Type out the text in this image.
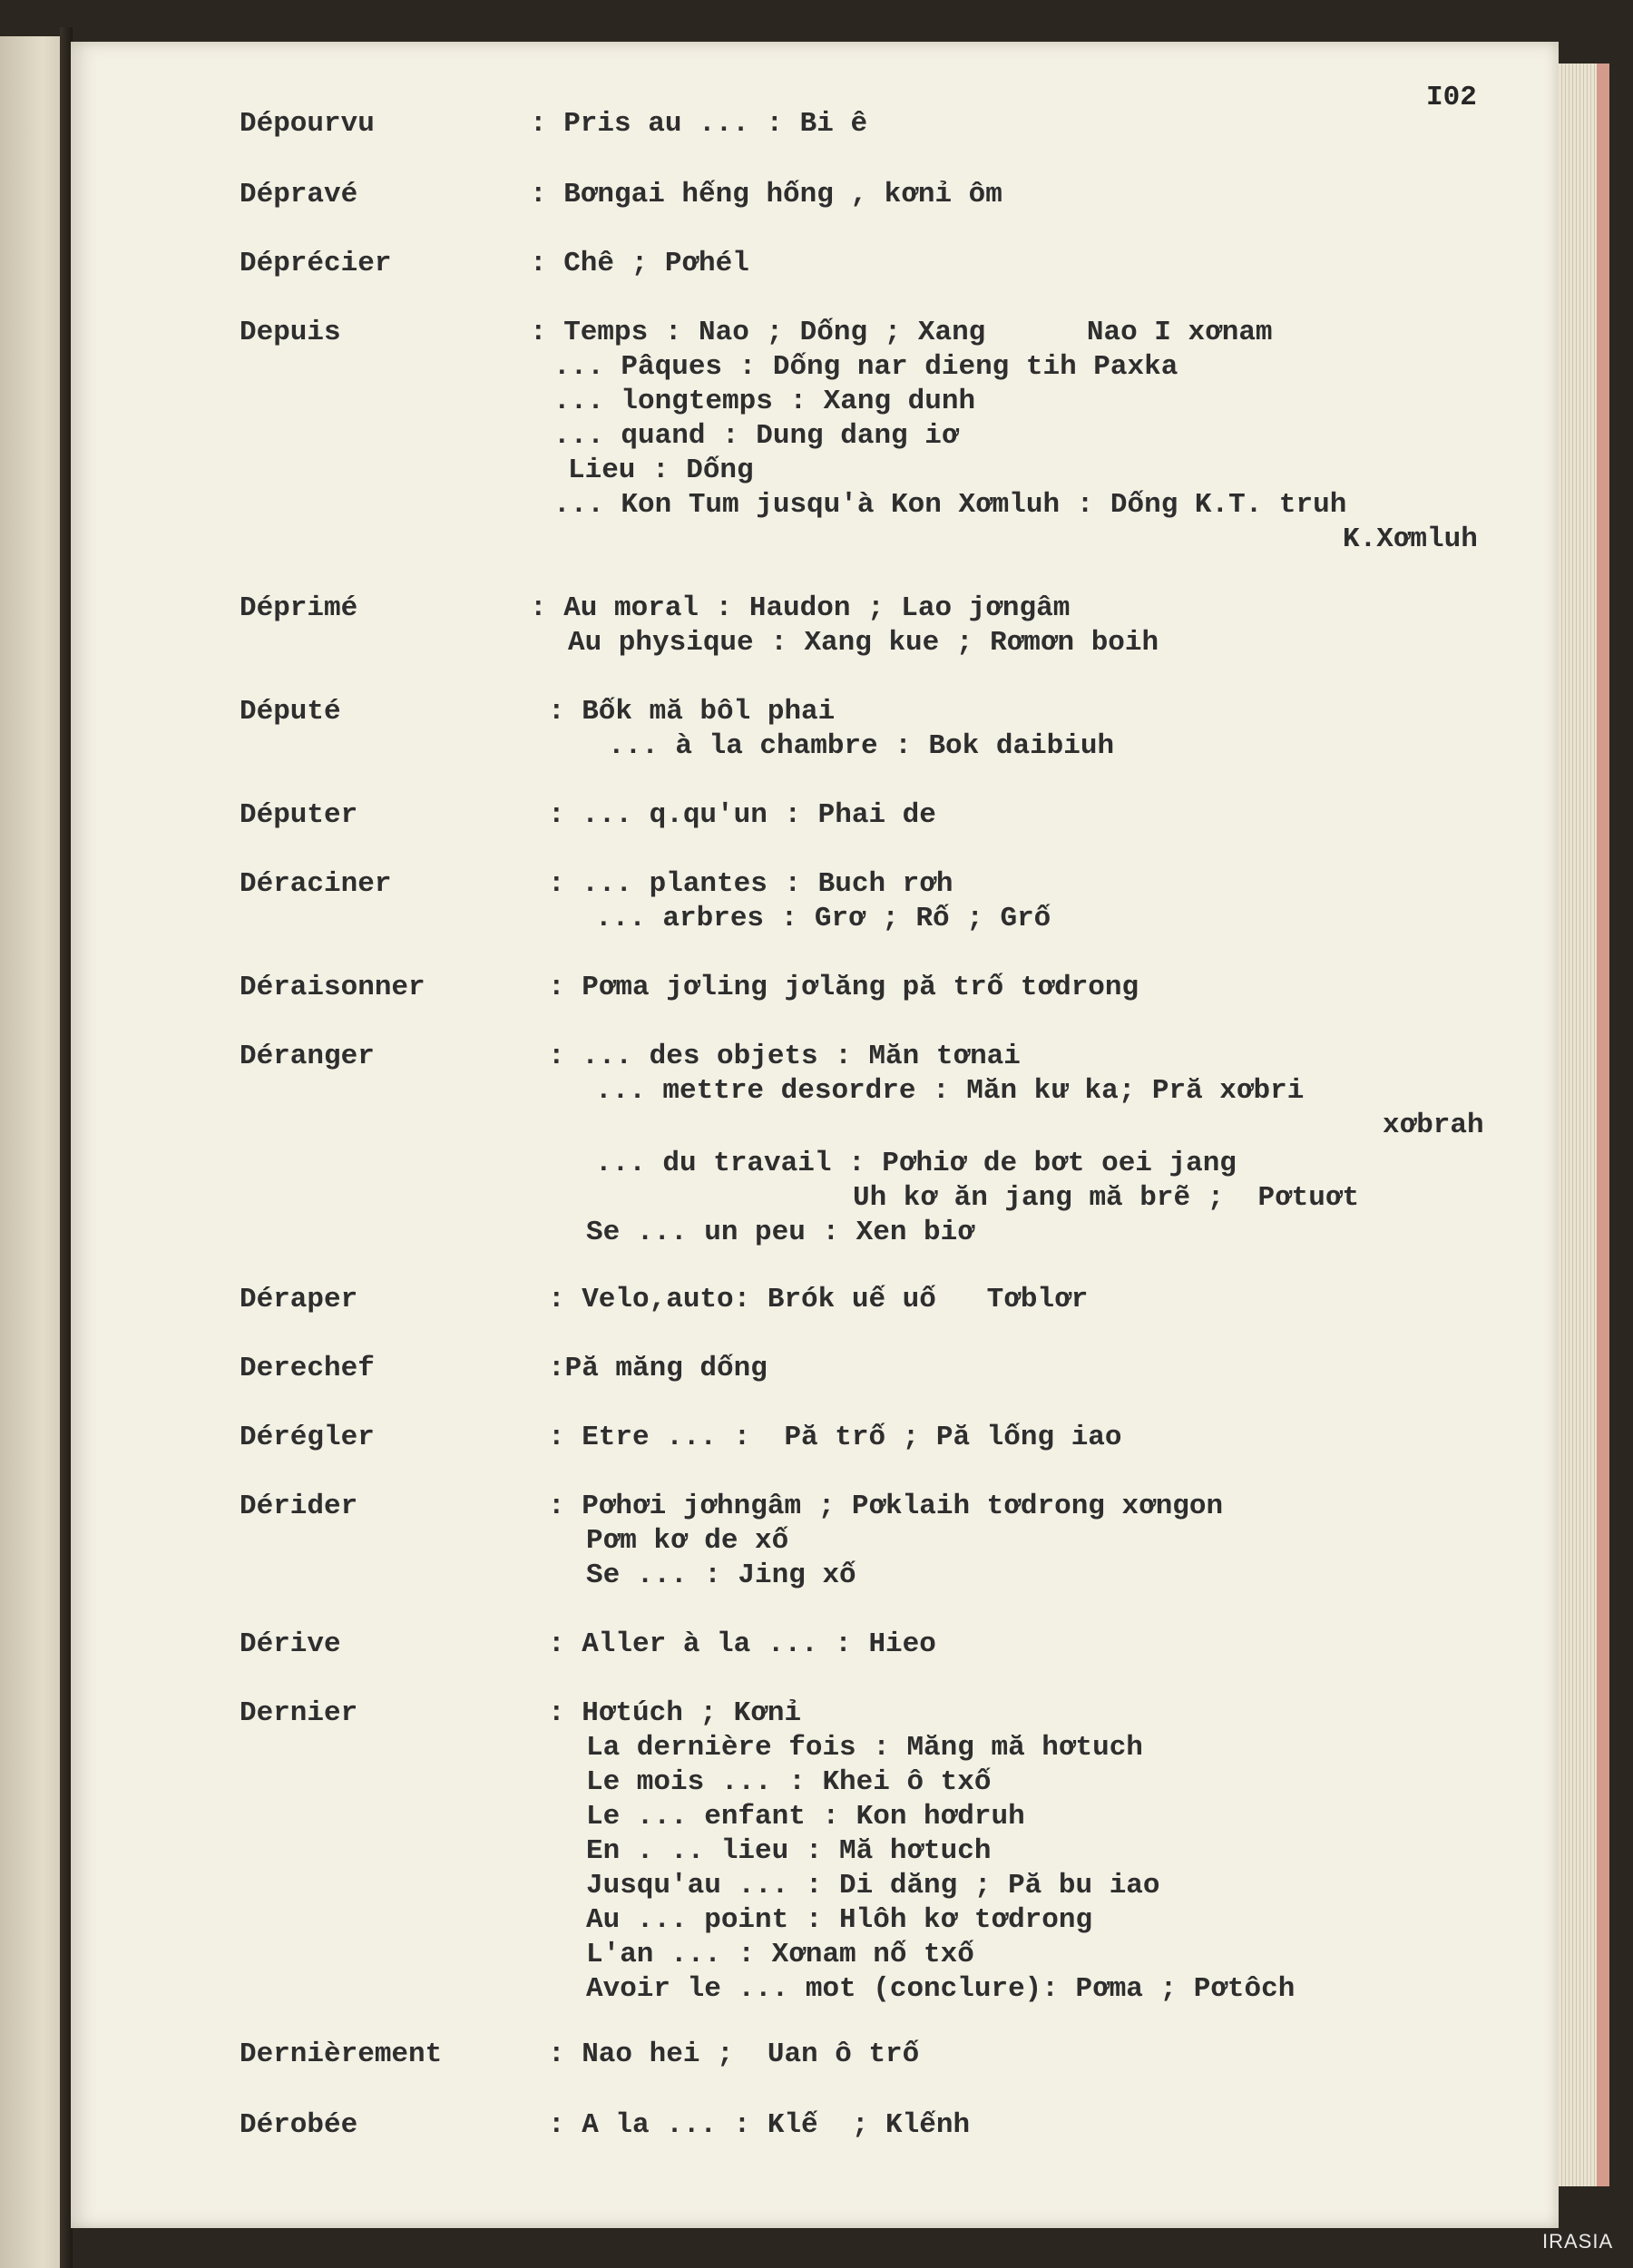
I02
Dépourvu	: Pris au ... : Bi ê
Dépravé	: Bơngai hếng hống , kơnỉ ôm
Déprécier	: Chê ; Pơhél
Depuis	: Temps : Nao ; Dống ; Xang      Nao I xơnam
... Pâques : Dống nar dieng tih Paxka
... longtemps : Xang dunh
... quand : Dung dang iơ
Lieu : Dống
... Kon Tum jusqu'à Kon Xơmluh : Dống K.T. truh
K.Xơmluh
Déprimé	: Au moral : Haudon ; Lao jơngâm
Au physique : Xang kue ; Rơmơn boih
Député	: Bốk mă bôl phai
... à la chambre : Bok daibiuh
Députer	: ... q.qu'un : Phai de
Déraciner	: ... plantes : Buch rơh
... arbres : Grơ ; Rố ; Grố
Déraisonner	: Pơma jơling jơlăng pă trố tơdrong
Déranger	: ... des objets : Măn tơnai
... mettre desordre : Măn kư ka; Pră xơbri
xơbrah
... du travail : Pơhiơ de bơt oei jang
Uh kơ ăn jang mă brẽ ;  Pơtuơt
Se ... un peu : Xen biơ
Déraper	: Velo,auto: Brók uế uố   Tơblơr
Derechef	:Pă măng dống
Dérégler	: Etre ... :  Pă trố ; Pă lống iao
Dérider	: Pơhơi jơhngâm ; Pơklaih tơdrong xơngon
Pơm kơ de xố
Se ... : Jing xố
Dérive	: Aller à la ... : Hieo
Dernier	: Hơtúch ; Kơnỉ
La dernière fois : Măng mă hơtuch
Le mois ... : Khei ô txố
Le ... enfant : Kon hơdruh
En . .. lieu : Mă hơtuch
Jusqu'au ... : Di dăng ; Pă bu iao
Au ... point : Hlôh kơ tơdrong
L'an ... : Xơnam nố txố
Avoir le ... mot (conclure): Pơma ; Pơtôch
Dernièrement	: Nao hei ;  Uan ô trố
Dérobée	: A la ... : Klế  ; Klếnh
IRASIA
